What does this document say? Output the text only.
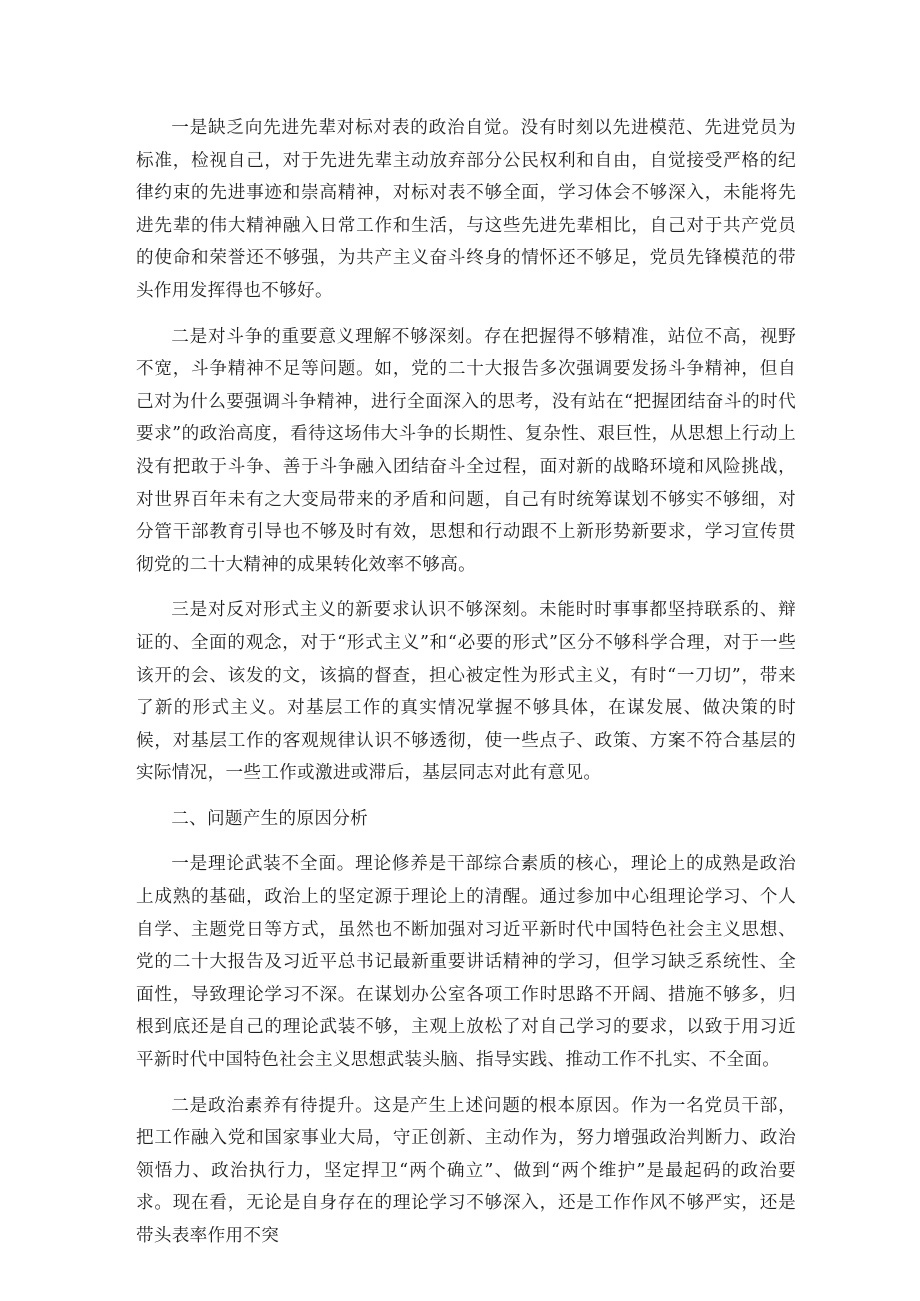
一是缺乏向先进先辈对标对表的政治自觉。没有时刻以先进模范、先进党员为标准，检视自己，对于先进先辈主动放弃部分公民权利和自由，自觉接受严格的纪律约束的先进事迹和崇高精神，对标对表不够全面，学习体会不够深入，未能将先进先辈的伟大精神融入日常工作和生活，与这些先进先辈相比，自己对于共产党员的使命和荣誉还不够强，为共产主义奋斗终身的情怀还不够足，党员先锋模范的带头作用发挥得也不够好。

二是对斗争的重要意义理解不够深刻。存在把握得不够精准，站位不高，视野不宽，斗争精神不足等问题。如，党的二十大报告多次强调要发扬斗争精神，但自己对为什么要强调斗争精神，进行全面深入的思考，没有站在“把握团结奋斗的时代要求”的政治高度，看待这场伟大斗争的长期性、复杂性、艰巨性，从思想上行动上没有把敢于斗争、善于斗争融入团结奋斗全过程，面对新的战略环境和风险挑战，对世界百年未有之大变局带来的矛盾和问题，自己有时统筹谋划不够实不够细，对分管干部教育引导也不够及时有效，思想和行动跟不上新形势新要求，学习宣传贯彻党的二十大精神的成果转化效率不够高。

三是对反对形式主义的新要求认识不够深刻。未能时时事事都坚持联系的、辩证的、全面的观念，对于“形式主义”和“必要的形式”区分不够科学合理，对于一些该开的会、该发的文，该搞的督查，担心被定性为形式主义，有时“一刀切”，带来了新的形式主义。对基层工作的真实情况掌握不够具体，在谋发展、做决策的时候，对基层工作的客观规律认识不够透彻，使一些点子、政策、方案不符合基层的实际情况，一些工作或激进或滞后，基层同志对此有意见。

二、问题产生的原因分析

一是理论武装不全面。理论修养是干部综合素质的核心，理论上的成熟是政治上成熟的基础，政治上的坚定源于理论上的清醒。通过参加中心组理论学习、个人自学、主题党日等方式，虽然也不断加强对习近平新时代中国特色社会主义思想、党的二十大报告及习近平总书记最新重要讲话精神的学习，但学习缺乏系统性、全面性，导致理论学习不深。在谋划办公室各项工作时思路不开阔、措施不够多，归根到底还是自己的理论武装不够，主观上放松了对自己学习的要求，以致于用习近平新时代中国特色社会主义思想武装头脑、指导实践、推动工作不扎实、不全面。

二是政治素养有待提升。这是产生上述问题的根本原因。作为一名党员干部，把工作融入党和国家事业大局，守正创新、主动作为，努力增强政治判断力、政治领悟力、政治执行力，坚定捍卫“两个确立”、做到“两个维护”是最起码的政治要求。现在看，无论是自身存在的理论学习不够深入，还是工作作风不够严实，还是带头表率作用不突
